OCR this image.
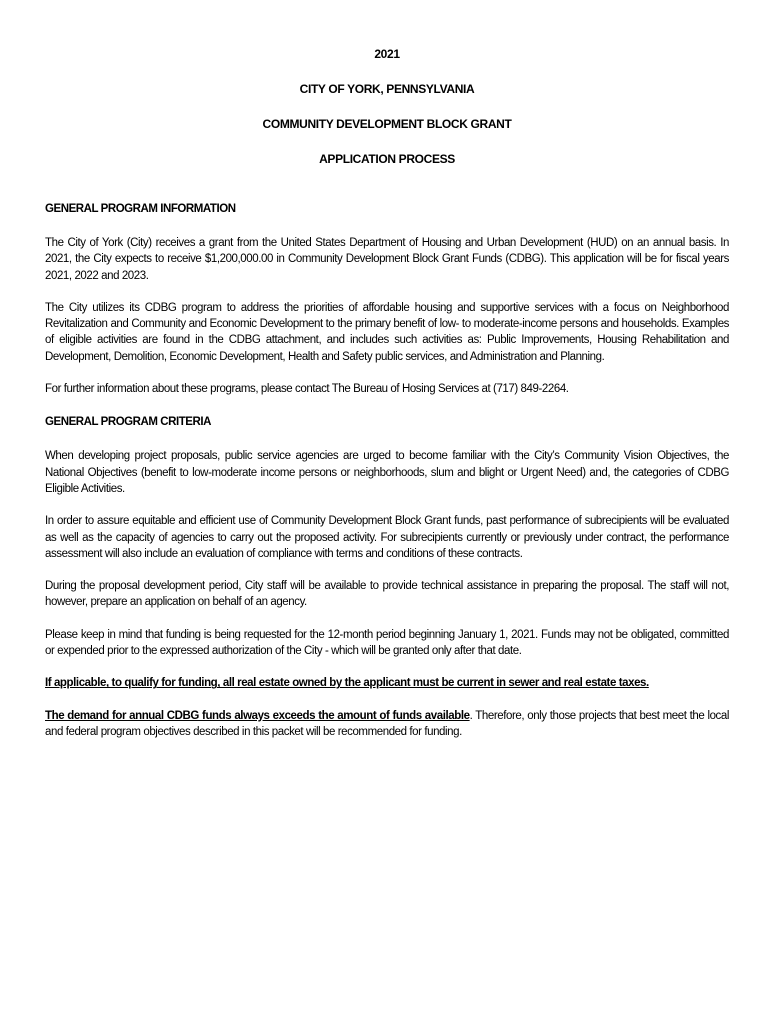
2021
CITY OF YORK, PENNSYLVANIA
COMMUNITY DEVELOPMENT BLOCK GRANT
APPLICATION PROCESS
GENERAL PROGRAM INFORMATION

The City of York (City) receives a grant from the United States Department of Housing and Urban Development (HUD) on an annual basis. In 2021, the City expects to receive $1,200,000.00 in Community Development Block Grant Funds (CDBG). This application will be for fiscal years 2021, 2022 and 2023.

The City utilizes its CDBG program to address the priorities of affordable housing and supportive services with a focus on Neighborhood Revitalization and Community and Economic Development to the primary benefit of low- to moderate-income persons and households. Examples of eligible activities are found in the CDBG attachment, and includes such activities as: Public Improvements, Housing Rehabilitation and Development, Demolition, Economic Development, Health and Safety public services, and Administration and Planning.

For further information about these programs, please contact The Bureau of Hosing Services at (717) 849-2264.

GENERAL PROGRAM CRITERIA

When developing project proposals, public service agencies are urged to become familiar with the City’s Community Vision Objectives, the National Objectives (benefit to low-moderate income persons or neighborhoods, slum and blight or Urgent Need) and, the categories of CDBG Eligible Activities.

In order to assure equitable and efficient use of Community Development Block Grant funds, past performance of subrecipients will be evaluated as well as the capacity of agencies to carry out the proposed activity. For subrecipients currently or previously under contract, the performance assessment will also include an evaluation of compliance with terms and conditions of these contracts.

During the proposal development period, City staff will be available to provide technical assistance in preparing the proposal. The staff will not, however, prepare an application on behalf of an agency.

Please keep in mind that funding is being requested for the 12-month period beginning January 1, 2021. Funds may not be obligated, committed or expended prior to the expressed authorization of the City - which will be granted only after that date.

If applicable, to qualify for funding, all real estate owned by the applicant must be current in sewer and real estate taxes.

The demand for annual CDBG funds always exceeds the amount of funds available. Therefore, only those projects that best meet the local and federal program objectives described in this packet will be recommended for funding.
